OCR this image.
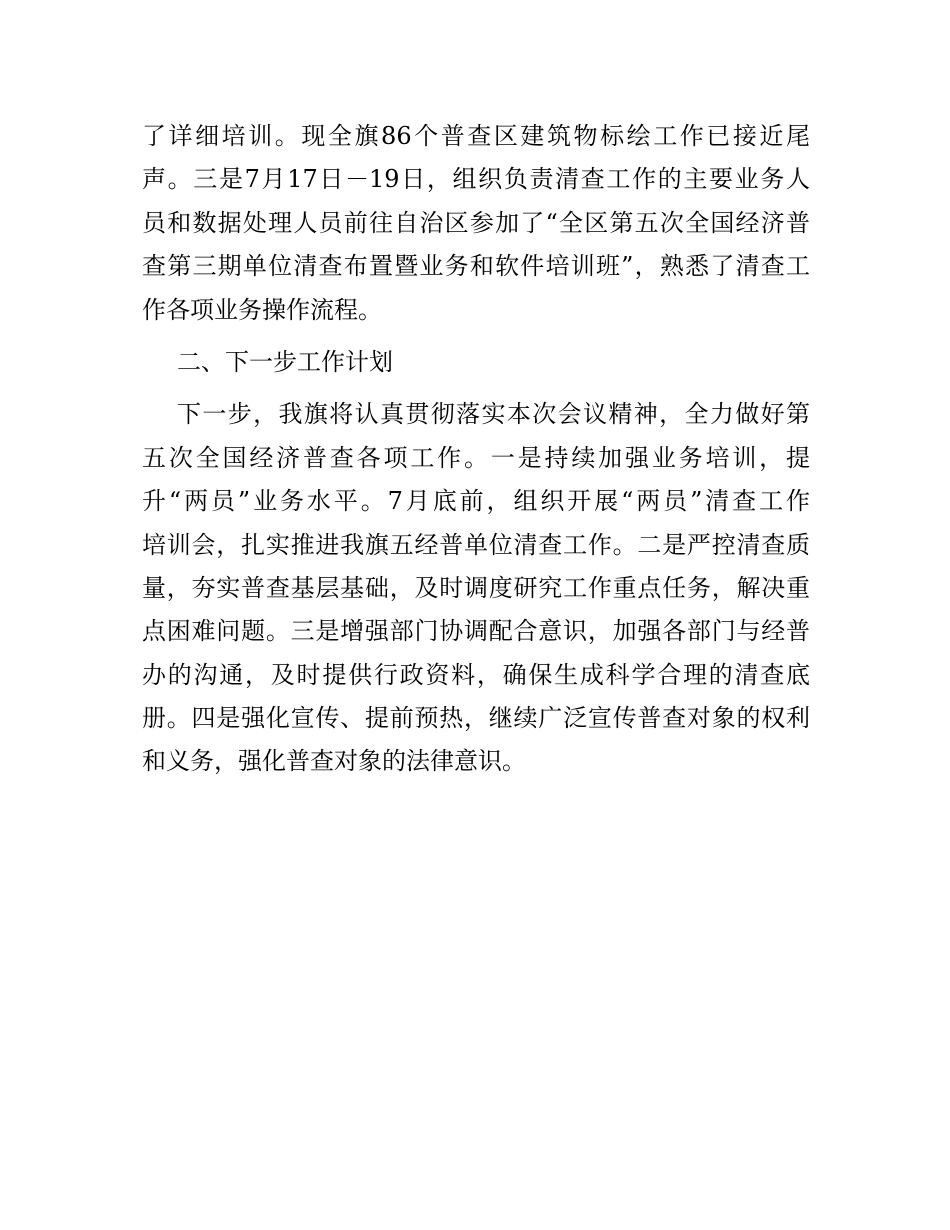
了详细培训。现全旗86个普查区建筑物标绘工作已接近尾
声。三是7月17日－19日，组织负责清查工作的主要业务人
员和数据处理人员前往自治区参加了“全区第五次全国经济普
查第三期单位清查布置暨业务和软件培训班”，熟悉了清查工
作各项业务操作流程。
二、下一步工作计划
下一步，我旗将认真贯彻落实本次会议精神，全力做好第
五次全国经济普查各项工作。一是持续加强业务培训，提
升“两员”业务水平。7月底前，组织开展“两员”清查工作
培训会，扎实推进我旗五经普单位清查工作。二是严控清查质
量，夯实普查基层基础，及时调度研究工作重点任务，解决重
点困难问题。三是增强部门协调配合意识，加强各部门与经普
办的沟通，及时提供行政资料，确保生成科学合理的清查底
册。四是强化宣传、提前预热，继续广泛宣传普查对象的权利
和义务，强化普查对象的法律意识。
